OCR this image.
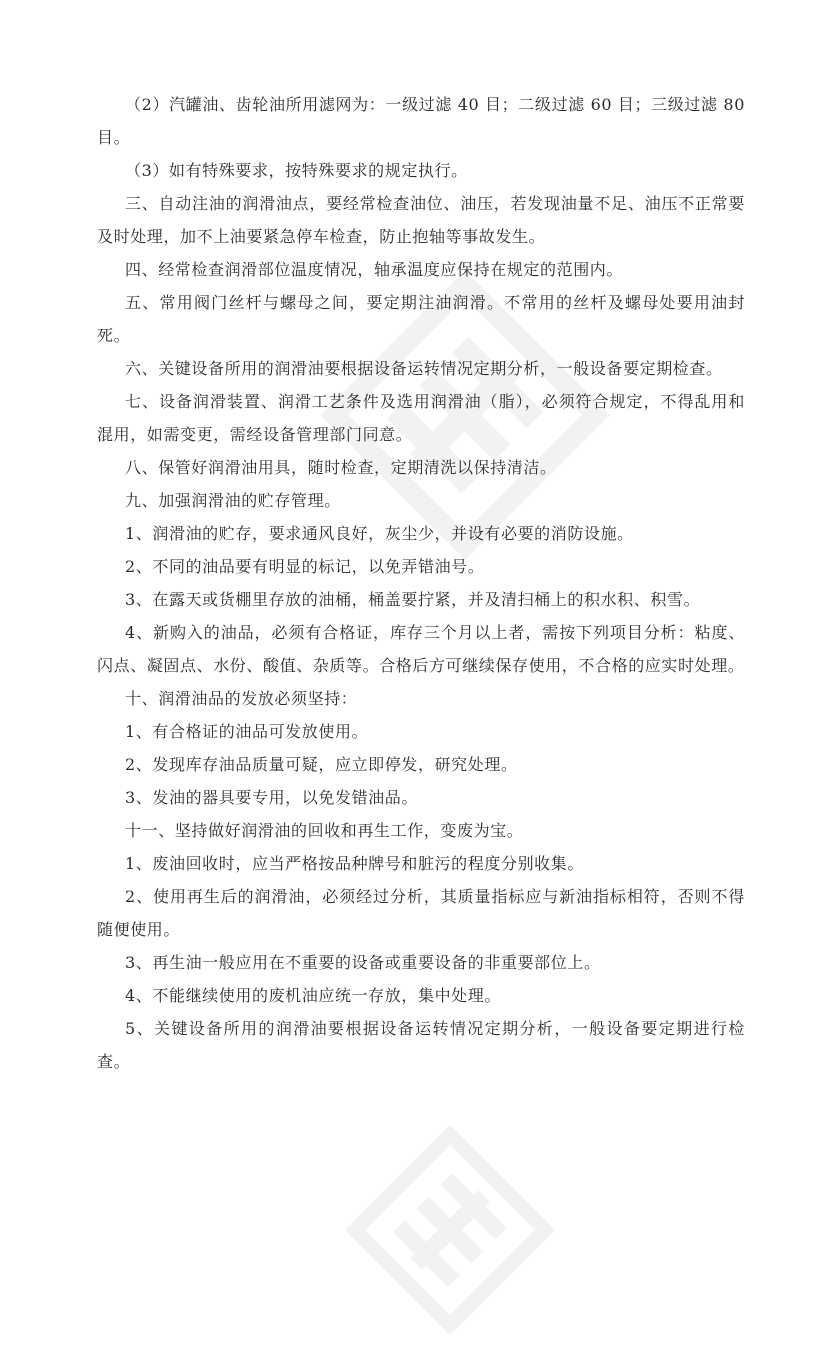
（2）汽罐油、齿轮油所用滤网为：一级过滤 40 目；二级过滤 60 目；三级过滤 80 目。

（3）如有特殊要求，按特殊要求的规定执行。

三、自动注油的润滑油点，要经常检查油位、油压，若发现油量不足、油压不正常要及时处理，加不上油要紧急停车检查，防止抱轴等事故发生。

四、经常检查润滑部位温度情况，轴承温度应保持在规定的范围内。

五、常用阀门丝杆与螺母之间，要定期注油润滑。不常用的丝杆及螺母处要用油封死。

六、关键设备所用的润滑油要根据设备运转情况定期分析，一般设备要定期检查。

七、设备润滑装置、润滑工艺条件及选用润滑油（脂），必须符合规定，不得乱用和混用，如需变更，需经设备管理部门同意。

八、保管好润滑油用具，随时检查，定期清洗以保持清洁。

九、加强润滑油的贮存管理。

1、润滑油的贮存，要求通风良好，灰尘少，并设有必要的消防设施。

2、不同的油品要有明显的标记，以免弄错油号。

3、在露天或货棚里存放的油桶，桶盖要拧紧，并及清扫桶上的积水积、积雪。

4、新购入的油品，必须有合格证，库存三个月以上者，需按下列项目分析：粘度、闪点、凝固点、水份、酸值、杂质等。合格后方可继续保存使用，不合格的应实时处理。

十、润滑油品的发放必须坚持：

1、有合格证的油品可发放使用。

2、发现库存油品质量可疑，应立即停发，研究处理。

3、发油的器具要专用，以免发错油品。

十一、坚持做好润滑油的回收和再生工作，变废为宝。

1、废油回收时，应当严格按品种牌号和脏污的程度分别收集。

2、使用再生后的润滑油，必须经过分析，其质量指标应与新油指标相符，否则不得随便使用。

3、再生油一般应用在不重要的设备或重要设备的非重要部位上。

4、不能继续使用的废机油应统一存放，集中处理。

5、关键设备所用的润滑油要根据设备运转情况定期分析，一般设备要定期进行检查。
